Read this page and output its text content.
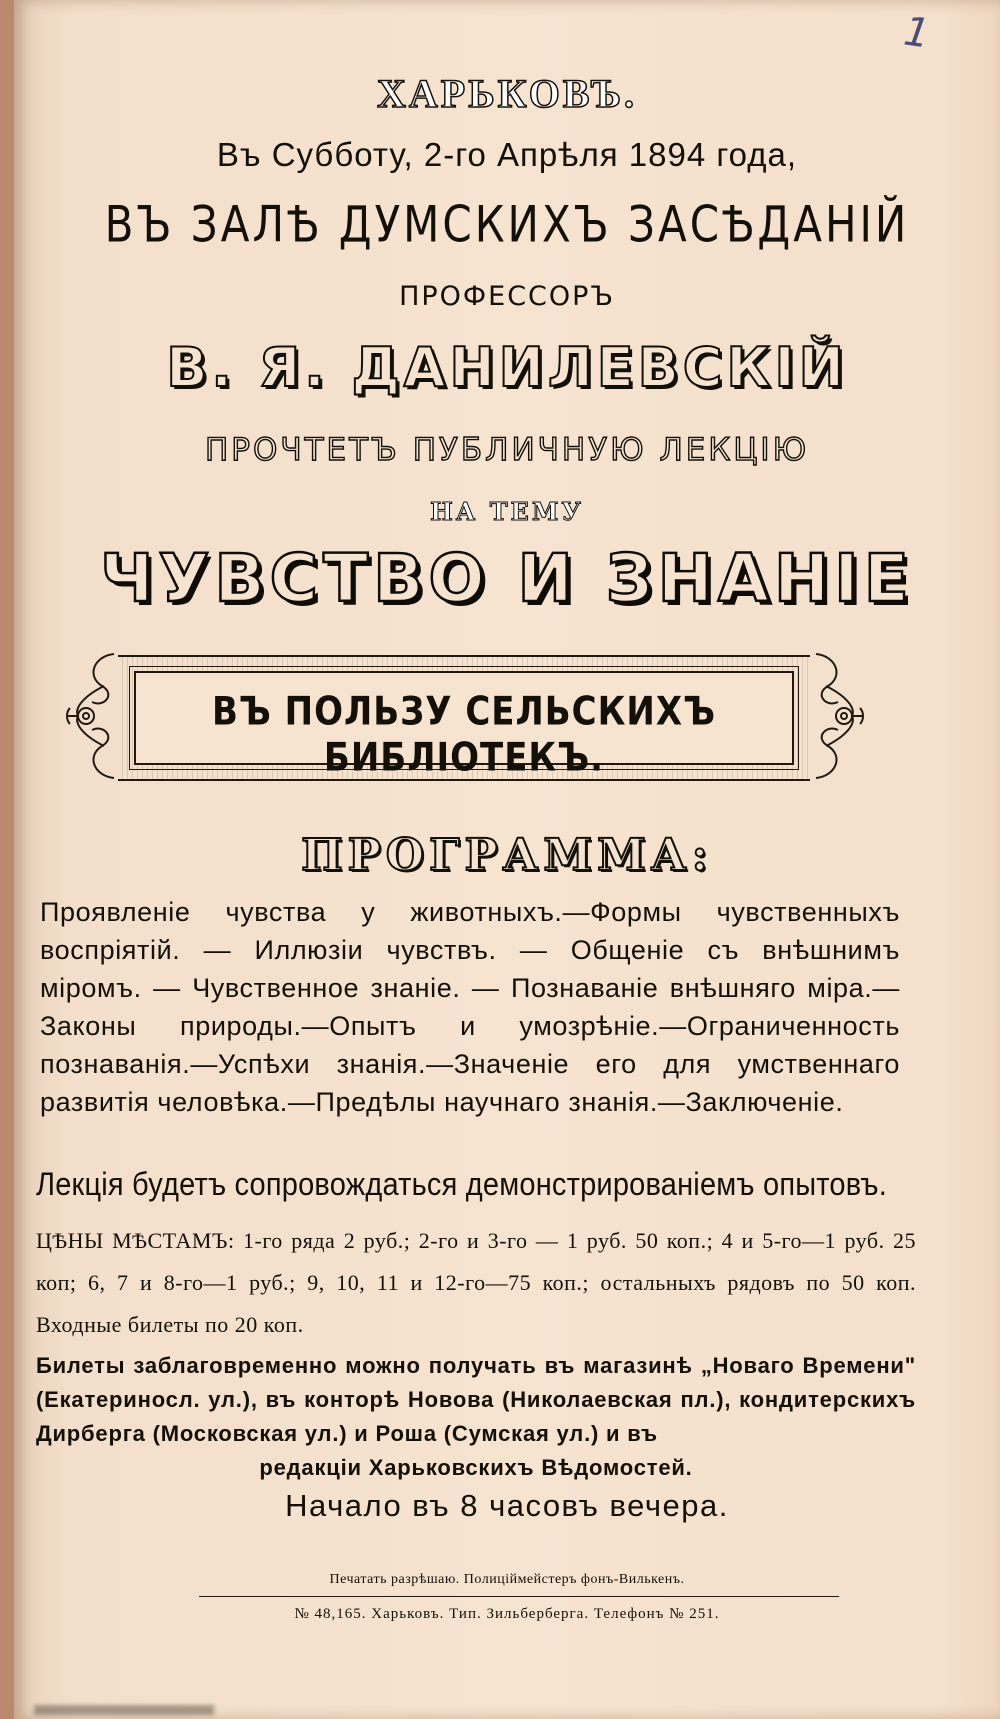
1
ХАРЬКОВЪ.
Въ Субботу, 2-го Апрѣля 1894 года,
ВЪ ЗАЛѢ ДУМСКИХЪ ЗАСѢДАНІЙ
ПРОФЕССОРЪ
В. Я. ДАНИЛЕВСКІЙ
ПРОЧТЕТЪ ПУБЛИЧНУЮ ЛЕКЦІЮ
НА ТЕМУ
ЧУВСТВО И ЗНАНІЕ
ВЪ ПОЛЬЗУ СЕЛЬСКИХЪ БИБЛІОТЕКЪ.
ПРОГРАММА:
Проявленіе чувства у животныхъ.—Формы чувственныхъ воспріятій. — Иллюзіи чувствъ. — Общеніе съ внѣшнимъ міромъ. — Чувственное знаніе. — Познаваніе внѣшняго міра.—Законы природы.—Опытъ и умозрѣніе.—Ограниченность познаванія.—Успѣхи знанія.—Значеніе его для умственнаго развитія человѣка.—Предѣлы научнаго знанія.—Заключеніе.
Лекція будетъ сопровождаться демонстрированіемъ опытовъ.
ЦѢНЫ МѢСТАМЪ: 1-го ряда 2 руб.; 2-го и 3-го — 1 руб. 50 коп.; 4 и 5-го—1 руб. 25 коп; 6, 7 и 8-го—1 руб.; 9, 10, 11 и 12-го—75 коп.; остальныхъ рядовъ по 50 коп. Входные билеты по 20 коп.
Билеты заблаговременно можно получать въ магазинѣ „Новаго Времени" (Екатериносл. ул.), въ конторѣ Новова (Николаевская пл.), кондитерскихъ Дирберга (Московская ул.) и Роша (Сумская ул.) и въ
редакціи Харьковскихъ Вѣдомостей.
Начало въ 8 часовъ вечера.
Печатать разрѣшаю. Полицiймейстеръ фонъ-Вилькенъ.
№ 48,165. Харьковъ. Тип. Зильберберга. Телефонъ № 251.
